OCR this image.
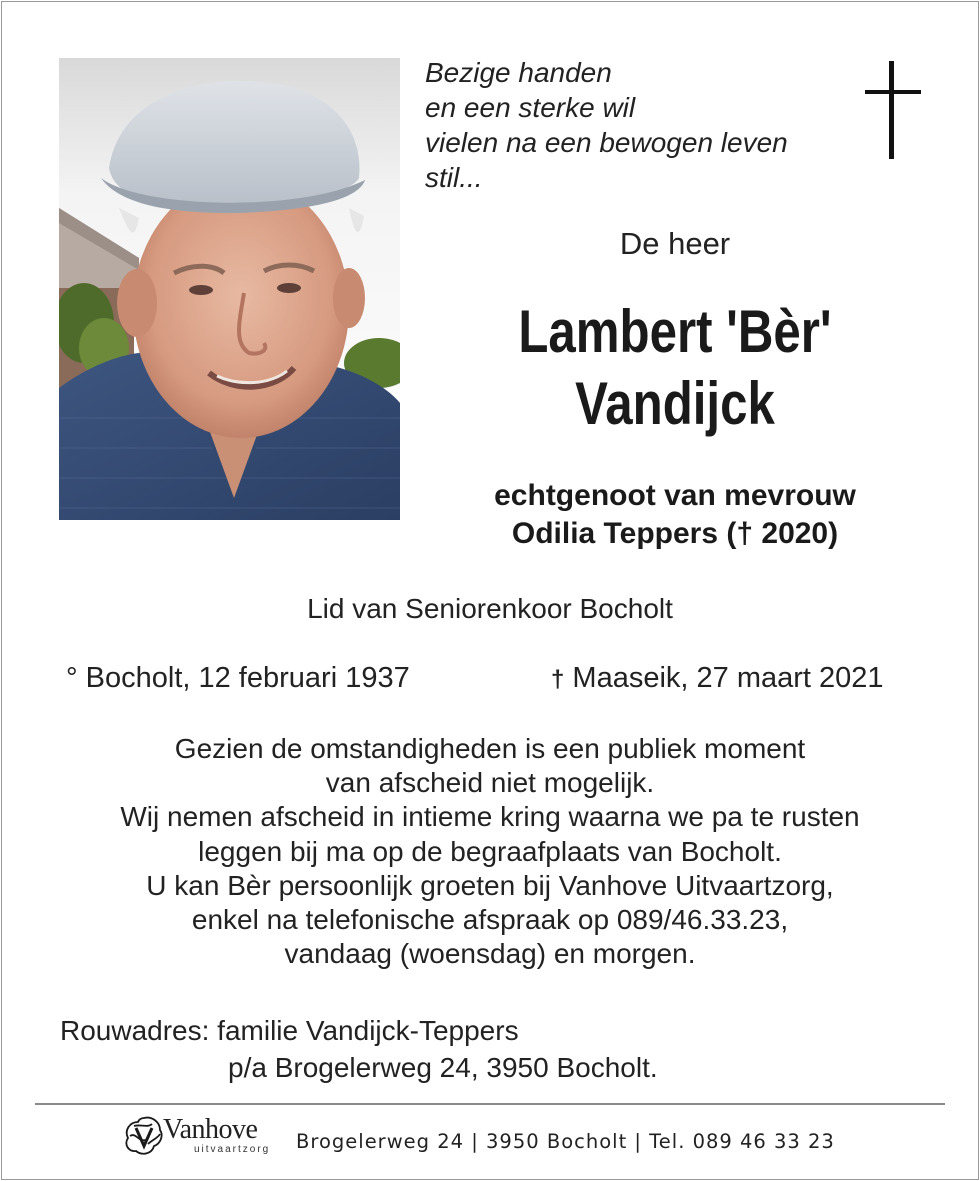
Bezige handen
en een sterke wil
vielen na een bewogen leven
stil...
De heer
Lambert 'Bèr'
Vandijck
echtgenoot van mevrouw
Odilia Teppers († 2020)
Lid van Seniorenkoor Bocholt
° Bocholt, 12 februari 1937	† Maaseik, 27 maart 2021
Gezien de omstandigheden is een publiek moment
van afscheid niet mogelijk.
Wij nemen afscheid in intieme kring waarna we pa te rusten
leggen bij ma op de begraafplaats van Bocholt.
U kan Bèr persoonlijk groeten bij Vanhove Uitvaartzorg,
enkel na telefonische afspraak op 089/46.33.23,
vandaag (woensdag) en morgen.
Rouwadres: familie Vandijck-Teppers
p/a Brogelerweg 24, 3950 Bocholt.
Vanhove
uitvaartzorg Brogelerweg 24 | 3950 Bocholt | Tel. 089 46 33 23
